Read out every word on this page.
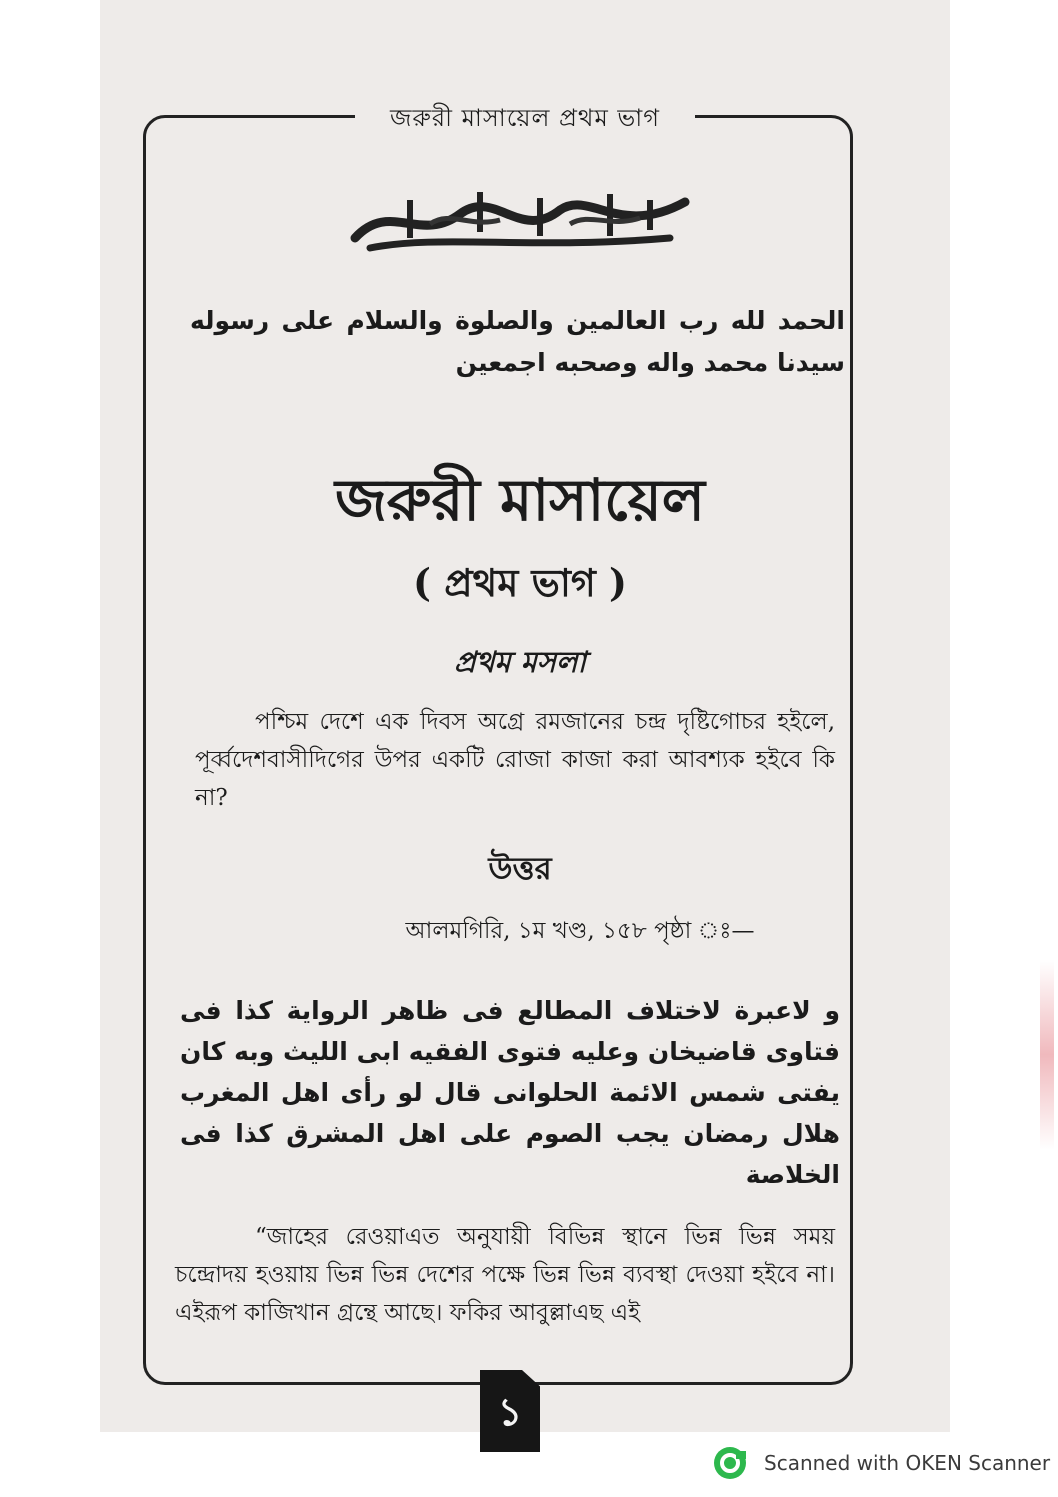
জরুরী মাসায়েল প্রথম ভাগ
الحمد لله رب العالمين والصلوة والسلام على رسوله سيدنا محمد واله وصحبه اجمعين
জরুরী মাসায়েল
( প্রথম ভাগ )
প্রথম মসলা
পশ্চিম দেশে এক দিবস অগ্রে রমজানের চন্দ্র দৃষ্টিগোচর হইলে, পূর্ব্বদেশবাসীদিগের উপর একটি রোজা কাজা করা আবশ্যক হইবে কি না?
উত্তর
আলমগিরি, ১ম খণ্ড, ১৫৮ পৃষ্ঠা ঃ—
و لاعبرة لاختلاف المطالع فى ظاهر الرواية كذا فى فتاوى قاضيخان وعليه فتوى الفقيه ابى الليث وبه كان يفتى شمس الائمة الحلوانى قال لو رأى اهل المغرب هلال رمضان يجب الصوم على اهل المشرق كذا فى الخلاصة
“জাহের রেওয়াএত অনুযায়ী বিভিন্ন স্থানে ভিন্ন ভিন্ন সময় চন্দ্রোদয় হওয়ায় ভিন্ন ভিন্ন দেশের পক্ষে ভিন্ন ভিন্ন ব্যবস্থা দেওয়া হইবে না। এইরূপ কাজিখান গ্রন্থে আছে। ফকির আবুল্লাএছ এই
১
Scanned with OKEN Scanner
